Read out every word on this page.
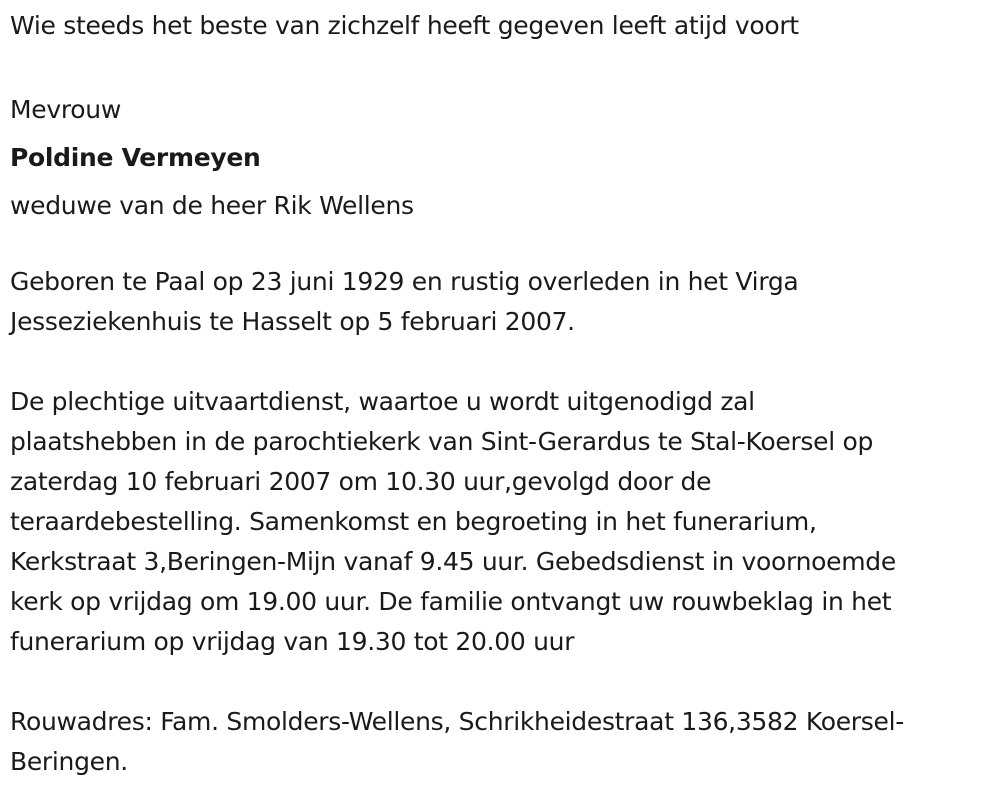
Wie steeds het beste van zichzelf heeft gegeven leeft atijd voort

Mevrouw

Poldine Vermeyen

weduwe van de heer Rik Wellens

Geboren te Paal op 23 juni 1929 en rustig overleden in het Virga

Jesseziekenhuis te Hasselt op 5 februari 2007.

De plechtige uitvaartdienst, waartoe u wordt uitgenodigd zal

plaatshebben in de parochtiekerk van Sint-Gerardus te Stal-Koersel op

zaterdag 10 februari 2007 om 10.30 uur,gevolgd door de

teraardebestelling. Samenkomst en begroeting in het funerarium,

Kerkstraat 3,Beringen-Mijn vanaf 9.45 uur. Gebedsdienst in voornoemde

kerk op vrijdag om 19.00 uur. De familie ontvangt uw rouwbeklag in het

funerarium op vrijdag van 19.30 tot 20.00 uur

Rouwadres: Fam. Smolders-Wellens, Schrikheidestraat 136,3582 Koersel-

Beringen.
